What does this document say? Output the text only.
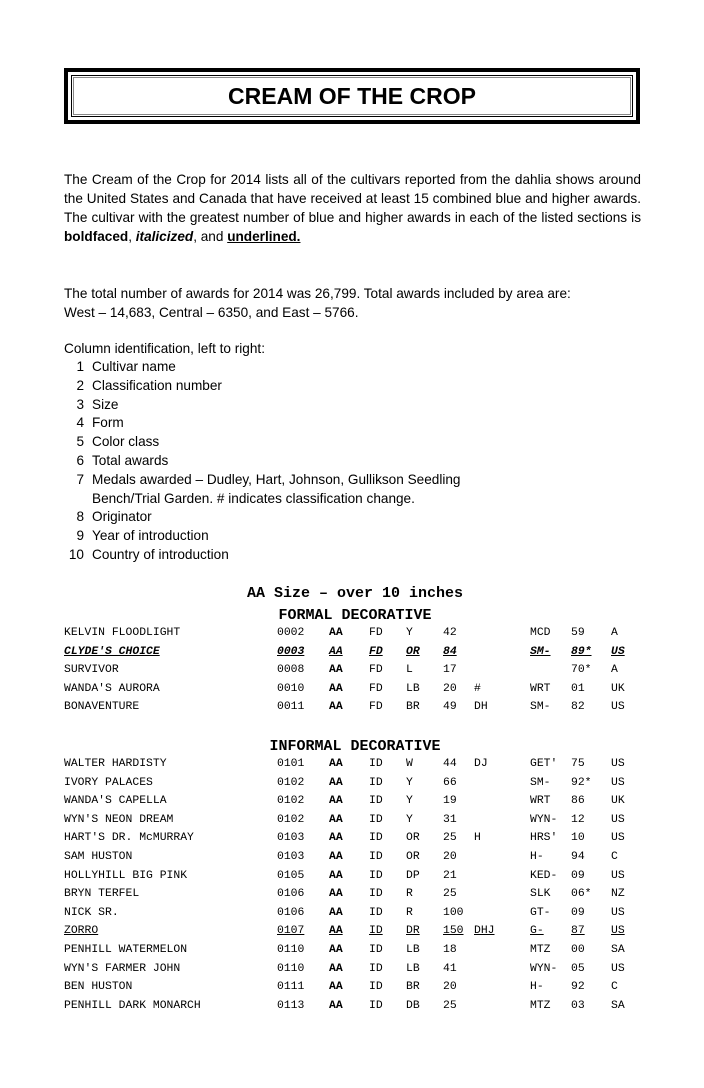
CREAM OF THE CROP
The Cream of the Crop for 2014 lists all of the cultivars reported from the dahlia shows around the United States and Canada that have received at least 15 combined blue and higher awards. The cultivar with the greatest number of blue and higher awards in each of the listed sections is boldfaced, italicized, and underlined.
The total number of awards for 2014 was 26,799. Total awards included by area are:
West – 14,683, Central – 6350, and East – 5766.
Column identification, left to right:
1 Cultivar name
2 Classification number
3 Size
4 Form
5 Color class
6 Total awards
7 Medals awarded – Dudley, Hart, Johnson, Gullikson Seedling
Bench/Trial Garden. # indicates classification change.
8 Originator
9 Year of introduction
10 Country of introduction
AA Size – over 10 inches
FORMAL DECORATIVE
KELVIN FLOODLIGHT	0002 AA FD Y	42	MCD 59 A
CLYDE'S CHOICE	0003 AA FD OR 84	SM- 89* US
SURVIVOR	0008 AA FD L	17	70* A
WANDA'S AURORA	0010 AA FD LB 20 #	WRT 01 UK
BONAVENTURE	0011 AA FD BR 49 DH	SM- 82 US
INFORMAL DECORATIVE
WALTER HARDISTY	0101 AA ID W	44 DJ	GET' 75 US
IVORY PALACES	0102 AA ID Y	66	SM- 92* US
WANDA'S CAPELLA	0102 AA ID Y	19	WRT 86 UK
WYN'S NEON DREAM	0102 AA ID Y	31	WYN- 12 US
HART'S DR. McMURRAY	0103 AA ID OR 25 H	HRS' 10 US
SAM HUSTON	0103 AA ID OR 20	H- 94 C
HOLLYHILL BIG PINK	0105 AA ID DP 21	KED- 09 US
BRYN TERFEL	0106 AA ID R	25	SLK 06* NZ
NICK SR.	0106 AA ID R	100	GT- 09 US
ZORRO	0107 AA ID DR 150 DHJ	G- 87 US
PENHILL WATERMELON	0110 AA ID LB 18	MTZ 00 SA
WYN'S FARMER JOHN	0110 AA ID LB 41	WYN- 05 US
BEN HUSTON	0111 AA ID BR 20	H- 92 C
PENHILL DARK MONARCH	0113 AA ID DB 25	MTZ 03 SA
